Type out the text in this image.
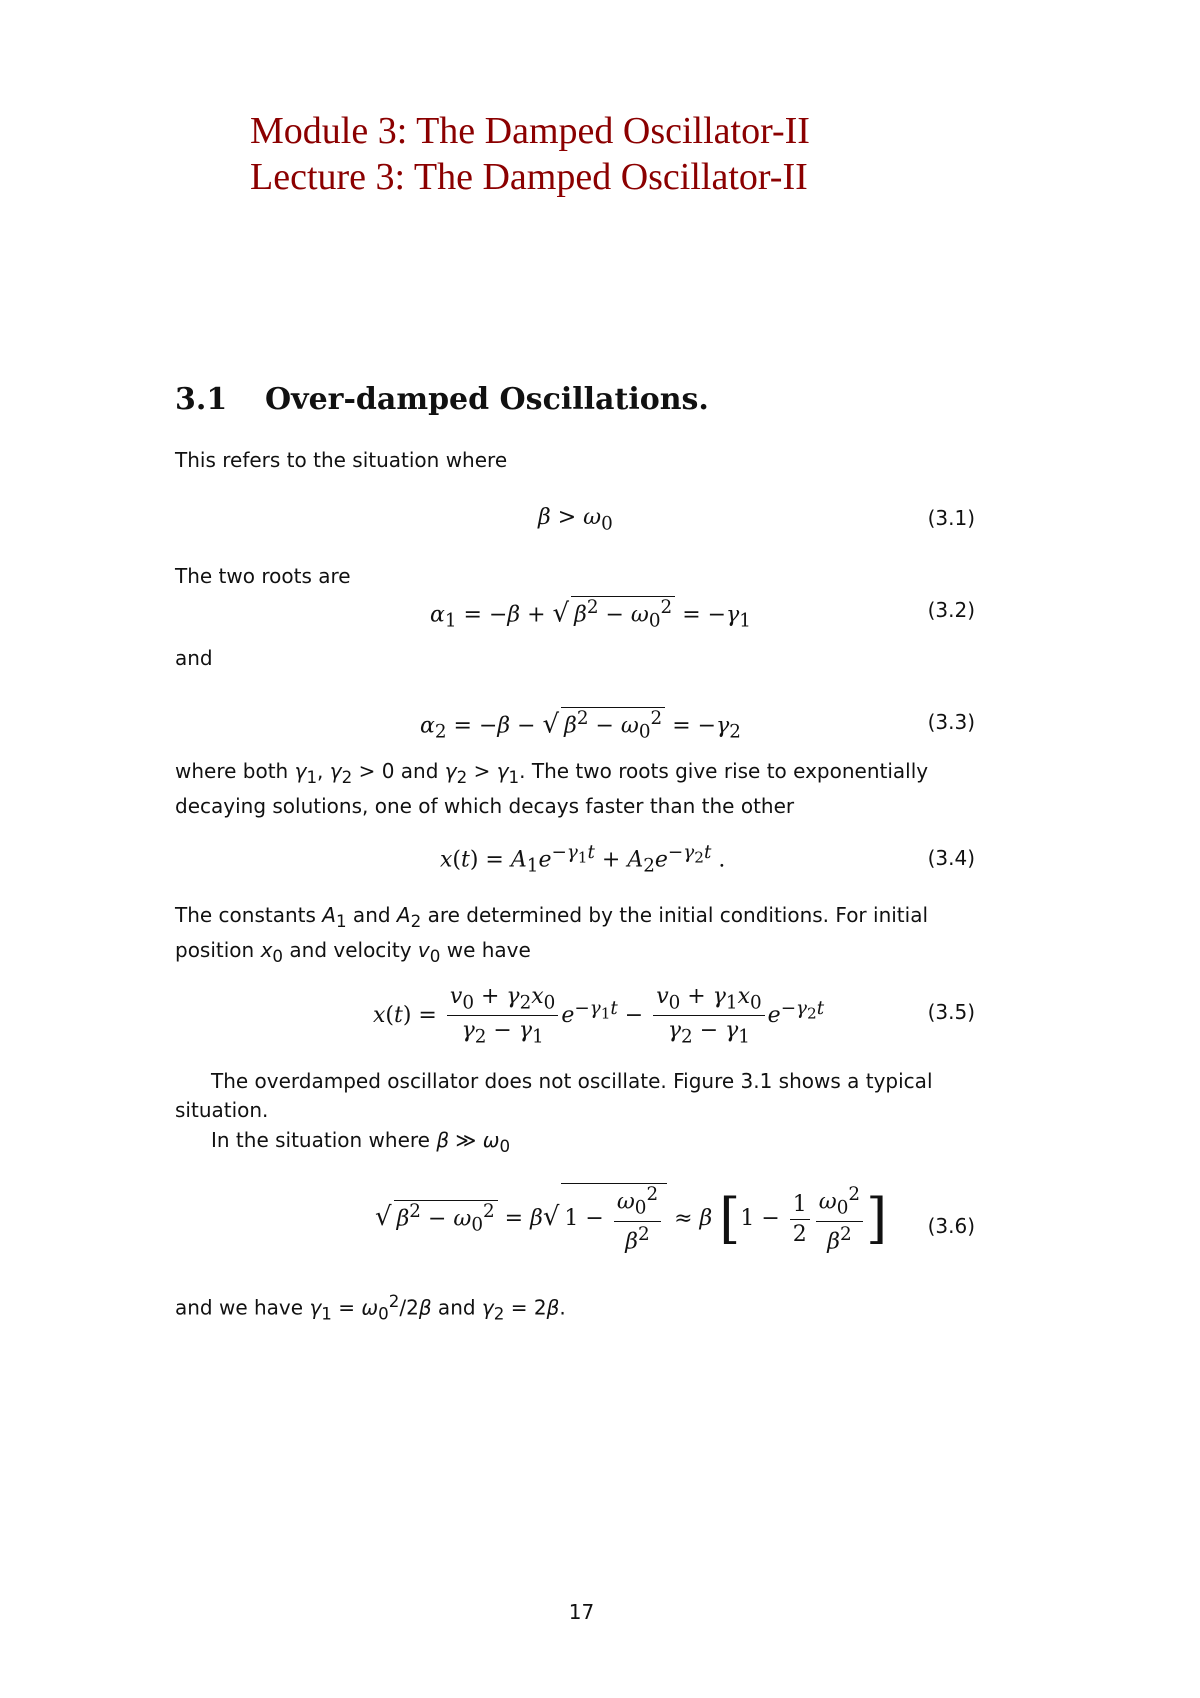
Module 3: The Damped Oscillator-II
Lecture 3: The Damped Oscillator-II
3.1 Over-damped Oscillations.
This refers to the situation where
$\beta > \omega_0$	(3.1)
The two roots are
$\alpha_1 = -\beta$ + √ $\beta^2 - \omega_0^2 = -\gamma_1$	(3.2)
and
$\alpha_2 = -\beta$ − √ $\beta^2 - \omega_0^2 = -\gamma_2$	(3.3)
where both $\gamma_1$, $\gamma_2 > 0$ and $\gamma_2 > \gamma_1$. The two roots give rise to exponentially decaying solutions, one of which decays faster than the other
$x(t) = A_1e^{-\gamma_1t} + A_2e^{-\gamma_2t}$ .	(3.4)
The constants $A_1$ and $A_2$ are determined by the initial conditions. For initial position $x_0$ and velocity $v_0$ we have
$x(t) = \frac{v_0 + \gamma_2x_0}{\gamma_2 - \gamma_1} e^{-\gamma_1t} - \frac{v_0 + \gamma_1x_0}{\gamma_2 - \gamma_1} e^{-\gamma_2t}$	(3.5)
The overdamped oscillator does not oscillate. Figure 3.1 shows a typical situation.
In the situation where β ≫ $\omega_0$
√ $\beta^2 - \omega_0^2 = \beta√$ $1 - \frac{\omega_0^2}{\beta^2} \approx \beta$ [$1 - \frac{1}{2} \frac{\omega_0^2}{\beta^2}$ ] (3.6)
and we have $\gamma_1 = \omega_0^2/2\beta$ and $\gamma_2 = 2\beta$.
17
